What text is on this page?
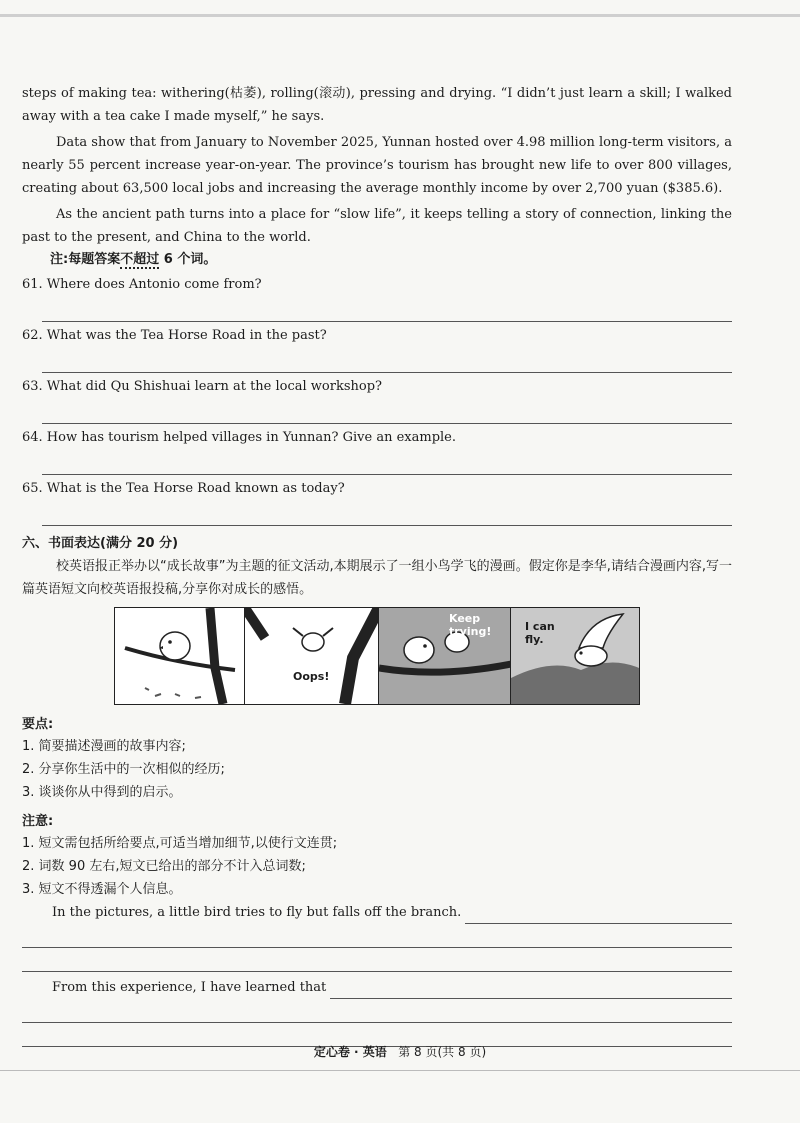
steps of making tea: withering(枯萎), rolling(滚动), pressing and drying. “I didn’t just learn a skill; I walked away with a tea cake I made myself,” he says.

Data show that from January to November 2025, Yunnan hosted over 4.98 million long-term visitors, a nearly 55 percent increase year-on-year. The province’s tourism has brought new life to over 800 villages, creating about 63,500 local jobs and increasing the average monthly income by over 2,700 yuan ($385.6).

As the ancient path turns into a place for “slow life”, it keeps telling a story of connection, linking the past to the present, and China to the world.

注:每题答案不超过 6 个词。
61. Where does Antonio come from?
62. What was the Tea Horse Road in the past?
63. What did Qu Shishuai learn at the local workshop?
64. How has tourism helped villages in Yunnan? Give an example.
65. What is the Tea Horse Road known as today?
六、书面表达(满分 20 分)

校英语报正举办以“成长故事”为主题的征文活动,本期展示了一组小鸟学飞的漫画。假定你是李华,请结合漫画内容,写一篇英语短文向校英语报投稿,分享你对成长的感悟。

Oops!
Keep trying!	I can fly.
要点:
1. 简要描述漫画的故事内容;
2. 分享你生活中的一次相似的经历;
3. 谈谈你从中得到的启示。
注意:
1. 短文需包括所给要点,可适当增加细节,以使行文连贯;
2. 词数 90 左右,短文已给出的部分不计入总词数;
3. 短文不得透漏个人信息。
In the pictures, a little bird tries to fly but falls off the branch.
From this experience, I have learned that
定心卷 · 英语 第 8 页(共 8 页)
